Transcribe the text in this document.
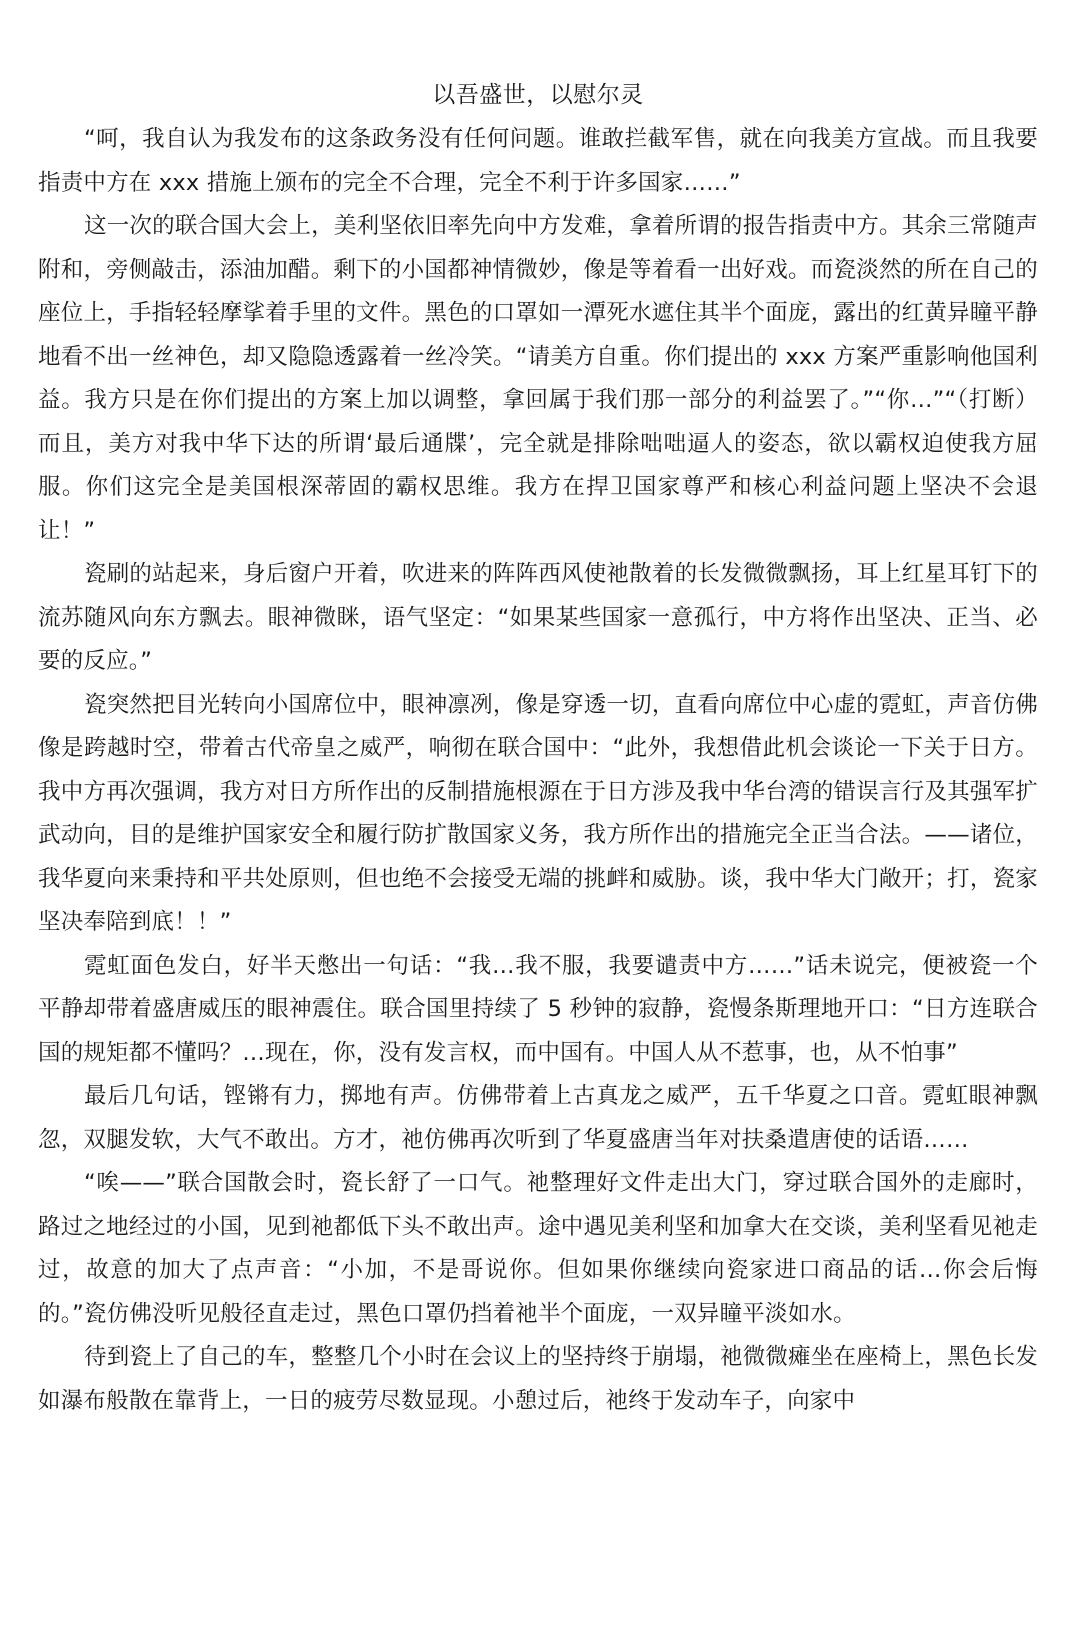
以吾盛世，以慰尔灵

“呵，我自认为我发布的这条政务没有任何问题。谁敢拦截军售，就在向我美方宣战。而且我要指责中方在 xxx 措施上颁布的完全不合理，完全不利于许多国家……”

这一次的联合国大会上，美利坚依旧率先向中方发难，拿着所谓的报告指责中方。其余三常随声附和，旁侧敲击，添油加醋。剩下的小国都神情微妙，像是等着看一出好戏。而瓷淡然的所在自己的座位上，手指轻轻摩挲着手里的文件。黑色的口罩如一潭死水遮住其半个面庞，露出的红黄异瞳平静地看不出一丝神色，却又隐隐透露着一丝冷笑。“请美方自重。你们提出的 xxx 方案严重影响他国利益。我方只是在你们提出的方案上加以调整，拿回属于我们那一部分的利益罢了。”“你…”“（打断）而且，美方对我中华下达的所谓‘最后通牒’，完全就是排除咄咄逼人的姿态，欲以霸权迫使我方屈服。你们这完全是美国根深蒂固的霸权思维。我方在捍卫国家尊严和核心利益问题上坚决不会退让！”

瓷刷的站起来，身后窗户开着，吹进来的阵阵西风使祂散着的长发微微飘扬，耳上红星耳钉下的流苏随风向东方飘去。眼神微眯，语气坚定：“如果某些国家一意孤行，中方将作出坚决、正当、必要的反应。”

瓷突然把目光转向小国席位中，眼神凛冽，像是穿透一切，直看向席位中心虚的霓虹，声音仿佛像是跨越时空，带着古代帝皇之威严，响彻在联合国中：“此外，我想借此机会谈论一下关于日方。我中方再次强调，我方对日方所作出的反制措施根源在于日方涉及我中华台湾的错误言行及其强军扩武动向，目的是维护国家安全和履行防扩散国家义务，我方所作出的措施完全正当合法。——诸位，我华夏向来秉持和平共处原则，但也绝不会接受无端的挑衅和威胁。谈，我中华大门敞开；打，瓷家坚决奉陪到底！！”

霓虹面色发白，好半天憋出一句话：“我…我不服，我要谴责中方……”话未说完，便被瓷一个平静却带着盛唐威压的眼神震住。联合国里持续了 5 秒钟的寂静，瓷慢条斯理地开口：“日方连联合国的规矩都不懂吗？…现在，你，没有发言权，而中国有。中国人从不惹事，也，从不怕事”

最后几句话，铿锵有力，掷地有声。仿佛带着上古真龙之威严，五千华夏之口音。霓虹眼神飘忽，双腿发软，大气不敢出。方才，祂仿佛再次听到了华夏盛唐当年对扶桑遣唐使的话语……

“唉——”联合国散会时，瓷长舒了一口气。祂整理好文件走出大门，穿过联合国外的走廊时，路过之地经过的小国，见到祂都低下头不敢出声。途中遇见美利坚和加拿大在交谈，美利坚看见祂走过，故意的加大了点声音：“小加，不是哥说你。但如果你继续向瓷家进口商品的话…你会后悔的。”瓷仿佛没听见般径直走过，黑色口罩仍挡着祂半个面庞，一双异瞳平淡如水。

待到瓷上了自己的车，整整几个小时在会议上的坚持终于崩塌，祂微微瘫坐在座椅上，黑色长发如瀑布般散在靠背上，一日的疲劳尽数显现。小憩过后，祂终于发动车子，向家中
